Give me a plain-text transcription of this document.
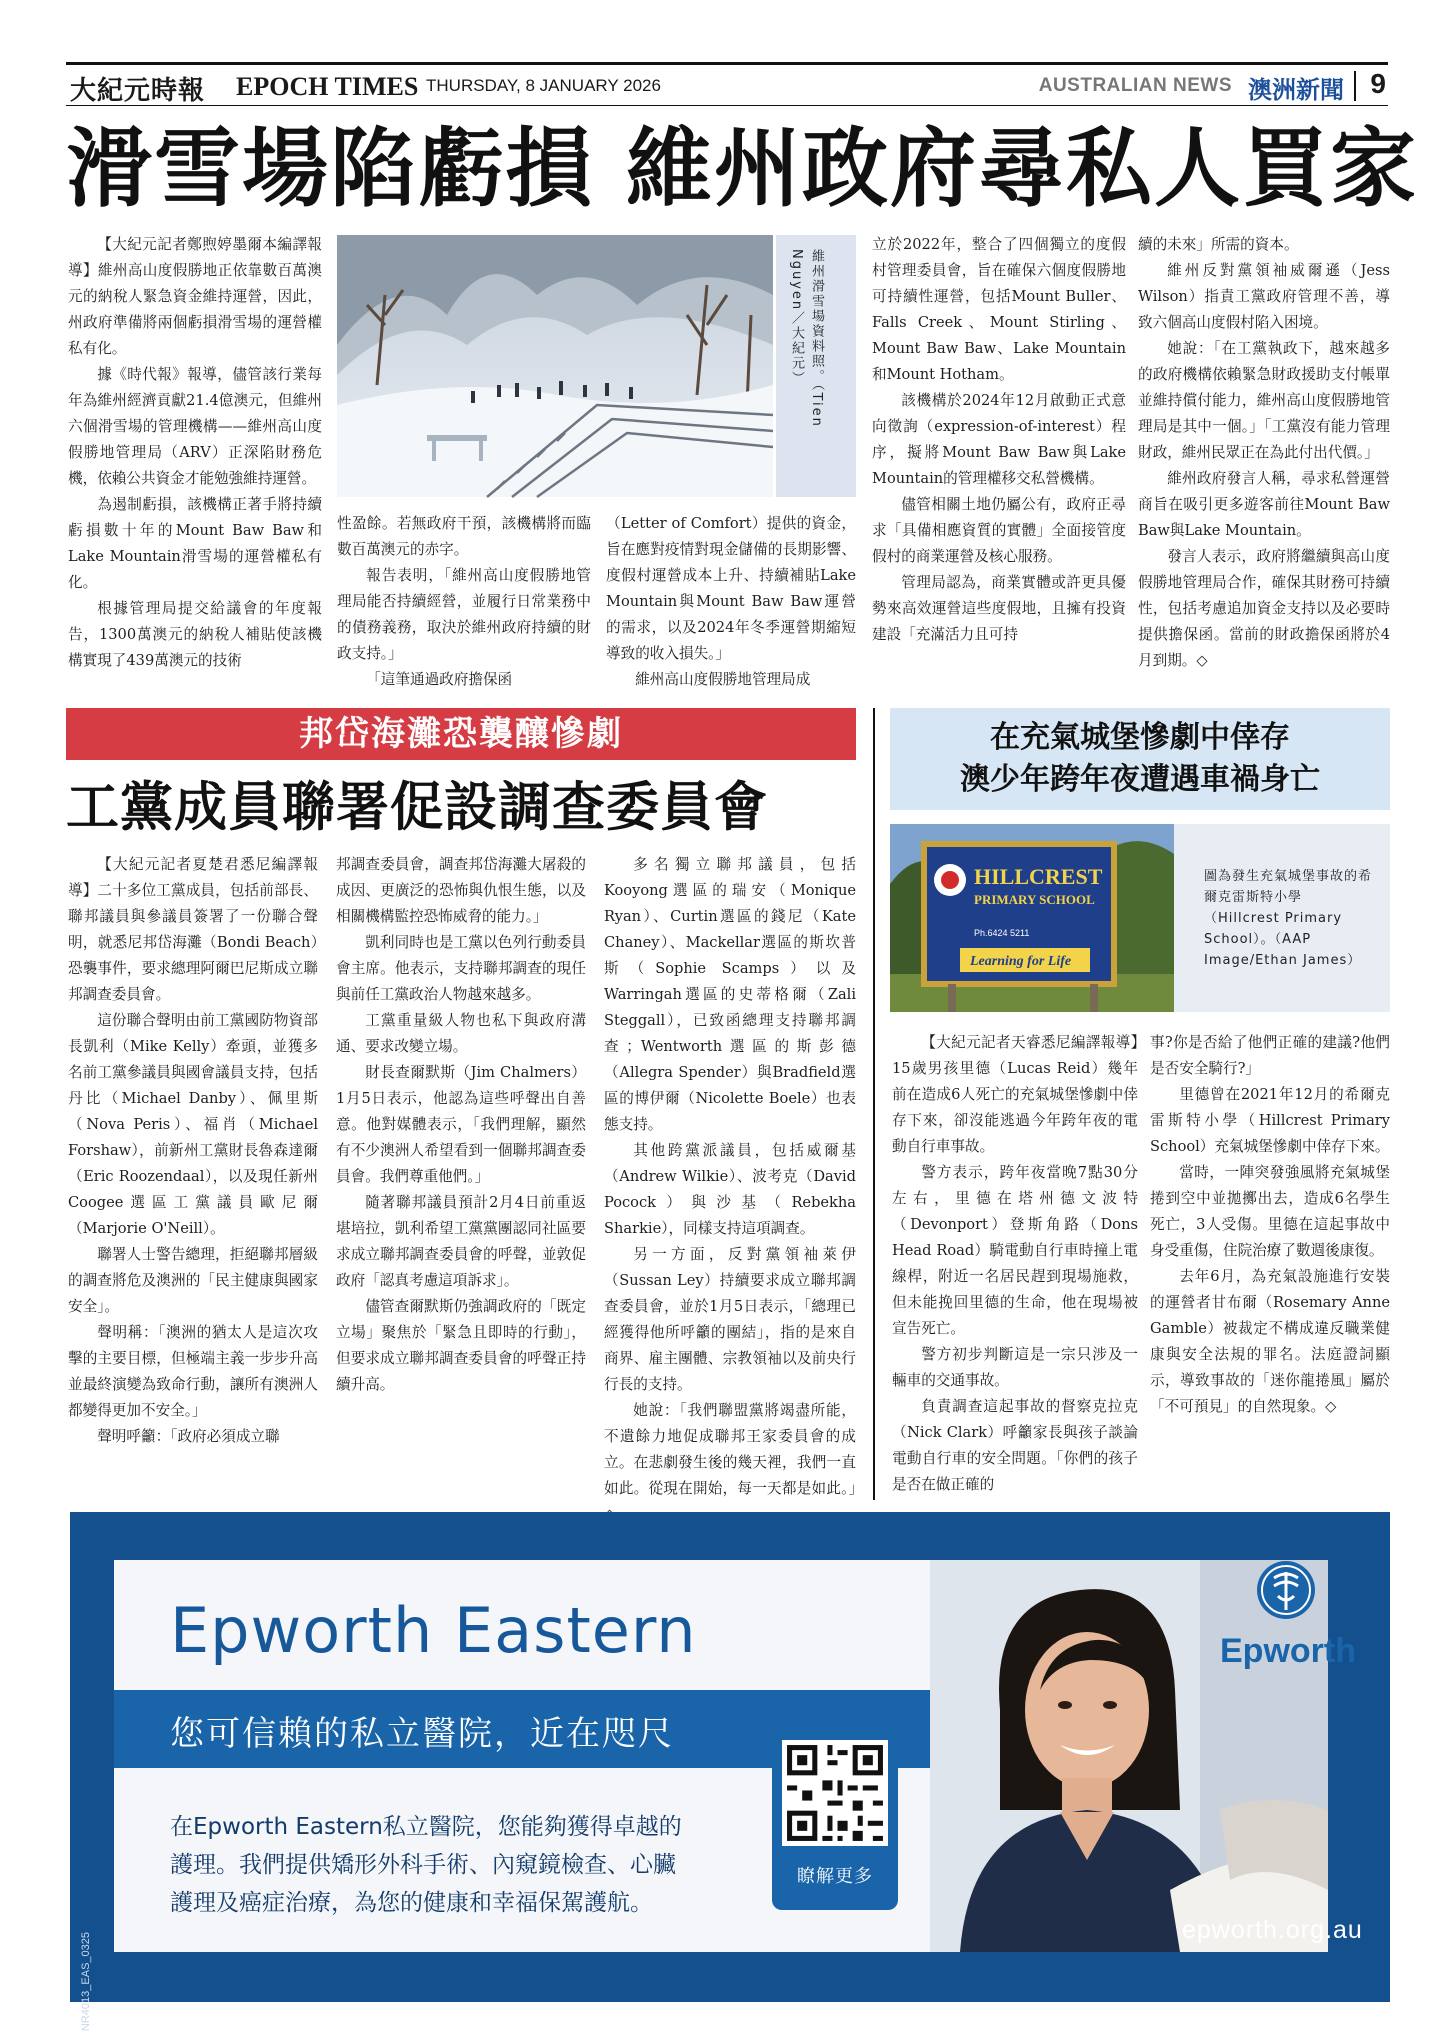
大紀元時報 EPOCH TIMES THURSDAY, 8 JANUARY 2026	AUSTRALIAN NEWS 澳洲新聞 9
滑雪場陷虧損 維州政府尋私人買家

【大紀元記者鄭煦婷墨爾本編譯報導】維州高山度假勝地正依靠數百萬澳元的納稅人緊急資金維持運營，因此，州政府準備將兩個虧損滑雪場的運營權私有化。

據《時代報》報導，儘管該行業每年為維州經濟貢獻21.4億澳元，但維州六個滑雪場的管理機構——維州高山度假勝地管理局（ARV）正深陷財務危機，依賴公共資金才能勉強維持運營。

為遏制虧損，該機構正著手將持續虧損數十年的Mount Baw Baw和Lake Mountain滑雪場的運營權私有化。

根據管理局提交給議會的年度報告，1300萬澳元的納稅人補貼使該機構實現了439萬澳元的技術

維州滑雪場資料照。（Tien Nguyen／大紀元）

性盈餘。若無政府干預，該機構將而臨數百萬澳元的赤字。

報告表明，「維州高山度假勝地管理局能否持續經營，並履行日常業務中的債務義務，取決於維州政府持續的財政支持。」

「這筆通過政府擔保函

（Letter of Comfort）提供的資金，旨在應對疫情對現金儲備的長期影響、度假村運營成本上升、持續補貼Lake Mountain與Mount Baw Baw運營的需求，以及2024年冬季運營期縮短導致的收入損失。」

維州高山度假勝地管理局成

立於2022年，整合了四個獨立的度假村管理委員會，旨在確保六個度假勝地可持續性運營，包括Mount Buller、Falls Creek、Mount Stirling、Mount Baw Baw、Lake Mountain和Mount Hotham。

該機構於2024年12月啟動正式意向徵詢（expression-of-interest）程序，擬將Mount Baw Baw與Lake Mountain的管理權移交私營機構。

儘管相關土地仍屬公有，政府正尋求「具備相應資質的實體」全面接管度假村的商業運營及核心服務。

管理局認為，商業實體或許更具優勢來高效運營這些度假地，且擁有投資建設「充滿活力且可持

續的未來」所需的資本。

維州反對黨領袖威爾遜（Jess Wilson）指責工黨政府管理不善，導致六個高山度假村陷入困境。

她說：「在工黨執政下，越來越多的政府機構依賴緊急財政援助支付帳單並維持償付能力，維州高山度假勝地管理局是其中一個。」「工黨沒有能力管理財政，維州民眾正在為此付出代價。」

維州政府發言人稱，尋求私營運營商旨在吸引更多遊客前往Mount Baw Baw與Lake Mountain。

發言人表示，政府將繼續與高山度假勝地管理局合作，確保其財務可持續性，包括考慮追加資金支持以及必要時提供擔保函。當前的財政擔保函將於4月到期。◇

邦岱海灘恐襲釀慘劇
工黨成員聯署促設調查委員會

【大紀元記者夏楚君悉尼編譯報導】二十多位工黨成員，包括前部長、聯邦議員與參議員簽署了一份聯合聲明，就悉尼邦岱海灘（Bondi Beach）恐襲事件，要求總理阿爾巴尼斯成立聯邦調查委員會。

這份聯合聲明由前工黨國防物資部長凱利（Mike Kelly）牽頭，並獲多名前工黨參議員與國會議員支持，包括丹比（Michael Danby）、佩里斯（Nova Peris）、福肖（Michael Forshaw），前新州工黨財長魯森達爾（Eric Roozendaal），以及現任新州Coogee選區工黨議員歐尼爾（Marjorie O'Neill）。

聯署人士警告總理，拒絕聯邦層級的調查將危及澳洲的「民主健康與國家安全」。

聲明稱：「澳洲的猶太人是這次攻擊的主要目標，但極端主義一步步升高並最終演變為致命行動，讓所有澳洲人都變得更加不安全。」

聲明呼籲：「政府必須成立聯

邦調查委員會，調查邦岱海灘大屠殺的成因、更廣泛的恐怖與仇恨生態，以及相關機構監控恐怖威脅的能力。」

凱利同時也是工黨以色列行動委員會主席。他表示，支持聯邦調查的現任與前任工黨政治人物越來越多。

工黨重量級人物也私下與政府溝通、要求改變立場。

財長查爾默斯（Jim Chalmers）1月5日表示，他認為這些呼聲出自善意。他對媒體表示，「我們理解，顯然有不少澳洲人希望看到一個聯邦調查委員會。我們尊重他們。」

隨著聯邦議員預計2月4日前重返堪培拉，凱利希望工黨黨團認同社區要求成立聯邦調查委員會的呼聲，並敦促政府「認真考慮這項訴求」。

儘管查爾默斯仍強調政府的「既定立場」聚焦於「緊急且即時的行動」，但要求成立聯邦調查委員會的呼聲正持續升高。

多名獨立聯邦議員，包括Kooyong選區的瑞安（Monique Ryan）、Curtin選區的錢尼（Kate Chaney）、Mackellar選區的斯坎普斯（Sophie Scamps）以及Warringah選區的史蒂格爾（Zali Steggall），已致函總理支持聯邦調查；Wentworth選區的斯彭德（Allegra Spender）與Bradfield選區的博伊爾（Nicolette Boele）也表態支持。

其他跨黨派議員，包括威爾基（Andrew Wilkie）、波考克（David Pocock）與沙基（Rebekha Sharkie），同樣支持這項調查。

另一方面，反對黨領袖萊伊（Sussan Ley）持續要求成立聯邦調查委員會，並於1月5日表示，「總理已經獲得他所呼籲的團結」，指的是來自商界、雇主團體、宗教領袖以及前央行行長的支持。

她說：「我們聯盟黨將竭盡所能，不遺餘力地促成聯邦王家委員會的成立。在悲劇發生後的幾天裡，我們一直如此。從現在開始，每一天都是如此。」

在充氣城堡慘劇中倖存
澳少年跨年夜遭遇車禍身亡
HILLCREST
PRIMARY SCHOOL
Ph.6424 5211
Learning for Life
圖為發生充氣城堡事故的希爾克雷斯特小學（Hillcrest Primary School）。（AAP Image/Ethan James）

【大紀元記者天睿悉尼編譯報導】15歲男孩里德（Lucas Reid）幾年前在造成6人死亡的充氣城堡慘劇中倖存下來，卻沒能逃過今年跨年夜的電動自行車事故。

警方表示，跨年夜當晚7點30分左右，里德在塔州德文波特（Devonport）登斯角路（Dons Head Road）騎電動自行車時撞上電線桿，附近一名居民趕到現場施救，但未能挽回里德的生命，他在現場被宣告死亡。

警方初步判斷這是一宗只涉及一輛車的交通事故。

負責調查這起事故的督察克拉克（Nick Clark）呼籲家長與孩子談論電動自行車的安全問題。「你們的孩子是否在做正確的

事?你是否給了他們正確的建議?他們是否安全騎行?」

里德曾在2021年12月的希爾克雷斯特小學（Hillcrest Primary School）充氣城堡慘劇中倖存下來。

當時，一陣突發強風將充氣城堡捲到空中並拋擲出去，造成6名學生死亡，3人受傷。里德在這起事故中身受重傷，住院治療了數週後康復。

去年6月，為充氣設施進行安裝的運營者甘布爾（Rosemary Anne Gamble）被裁定不構成違反職業健康與安全法規的罪名。法庭證詞顯示，導致事故的「迷你龍捲風」屬於「不可預見」的自然現象。◇

Epworth Eastern
您可信賴的私立醫院，近在咫尺
在Epworth Eastern私立醫院，您能夠獲得卓越的護理。我們提供矯形外科手術、內窺鏡檢查、心臟護理及癌症治療，為您的健康和幸福保駕護航。
NR4013_EAS_0325
瞭解更多
Epworth
epworth.org.au
